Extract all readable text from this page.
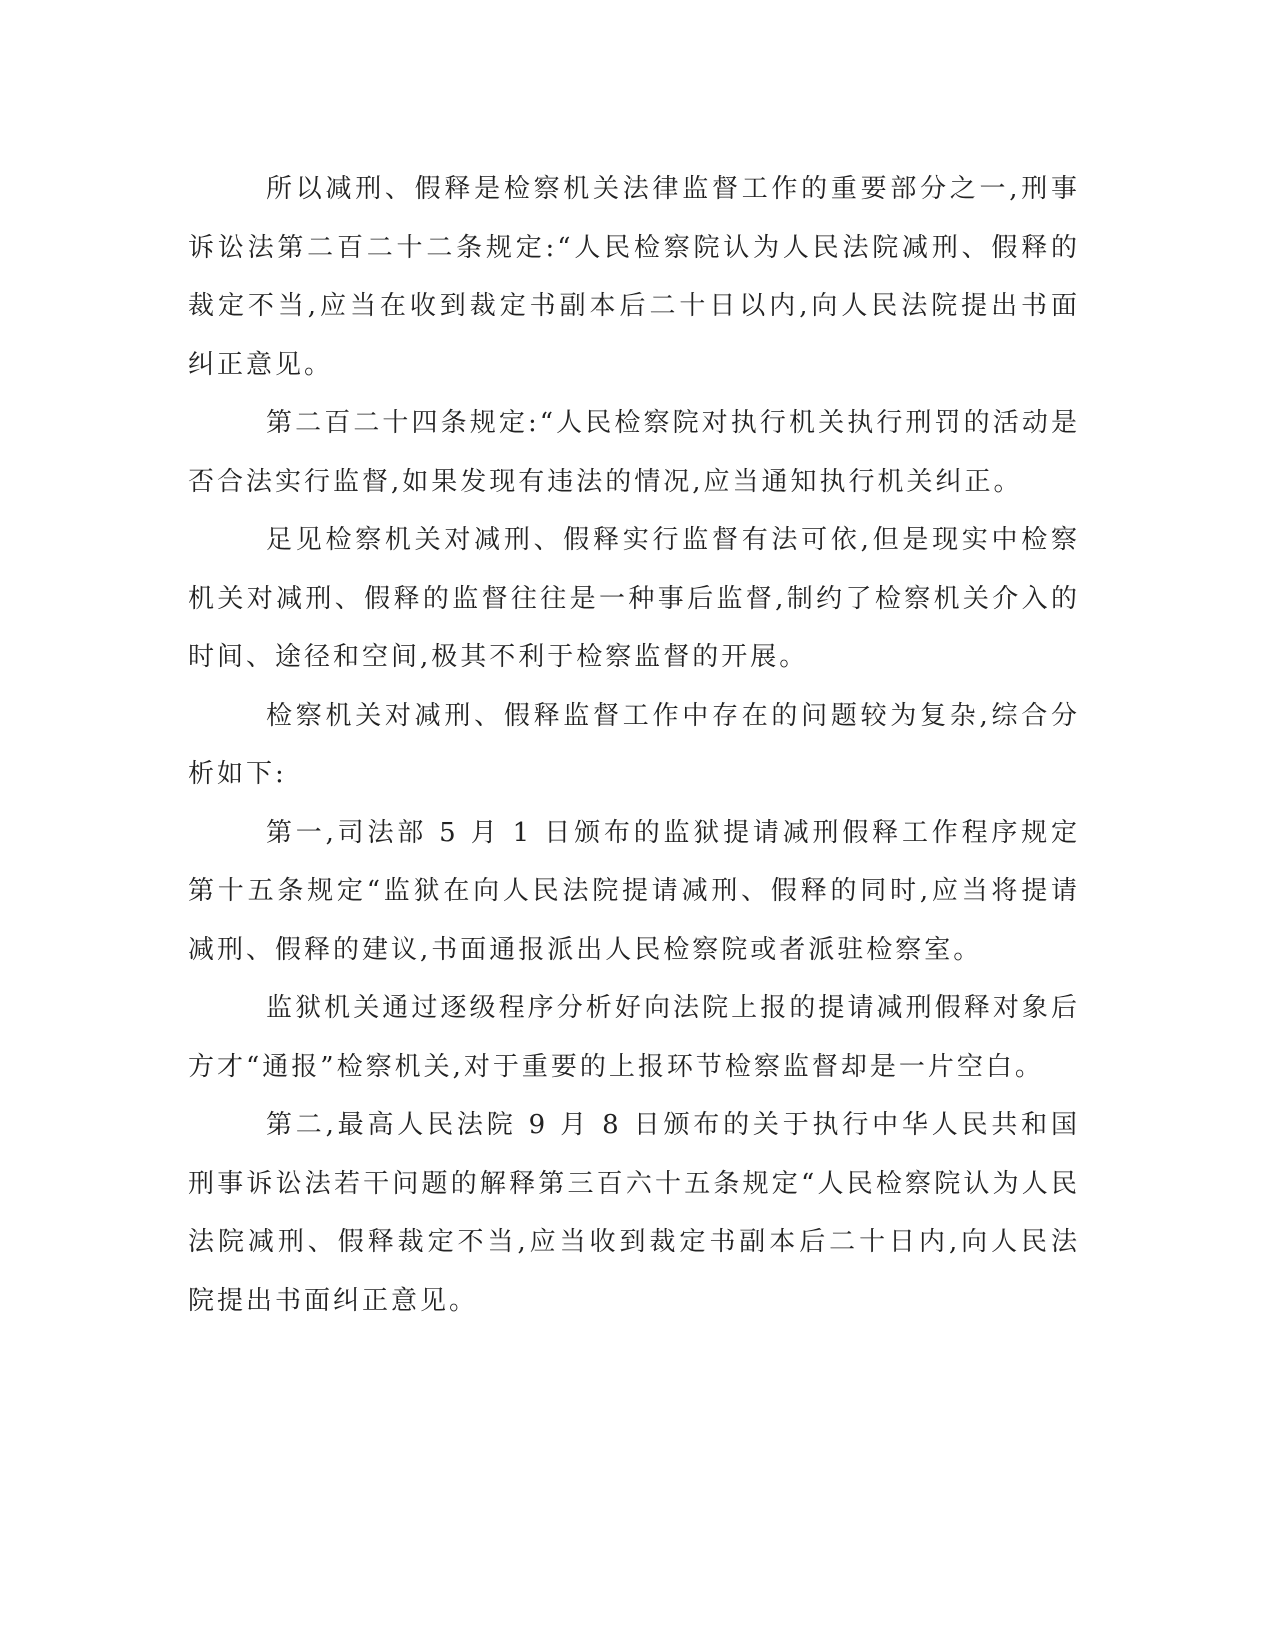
所以减刑、假释是检察机关法律监督工作的重要部分之一,刑事诉讼法第二百二十二条规定:“人民检察院认为人民法院减刑、假释的裁定不当,应当在收到裁定书副本后二十日以内,向人民法院提出书面纠正意见。

第二百二十四条规定:“人民检察院对执行机关执行刑罚的活动是否合法实行监督,如果发现有违法的情况,应当通知执行机关纠正。

足见检察机关对减刑、假释实行监督有法可依,但是现实中检察机关对减刑、假释的监督往往是一种事后监督,制约了检察机关介入的时间、途径和空间,极其不利于检察监督的开展。

检察机关对减刑、假释监督工作中存在的问题较为复杂,综合分析如下:

第一,司法部 5 月 1 日颁布的监狱提请减刑假释工作程序规定第十五条规定“监狱在向人民法院提请减刑、假释的同时,应当将提请减刑、假释的建议,书面通报派出人民检察院或者派驻检察室。

监狱机关通过逐级程序分析好向法院上报的提请减刑假释对象后方才“通报”检察机关,对于重要的上报环节检察监督却是一片空白。

第二,最高人民法院 9 月 8 日颁布的关于执行中华人民共和国刑事诉讼法若干问题的解释第三百六十五条规定“人民检察院认为人民法院减刑、假释裁定不当,应当收到裁定书副本后二十日内,向人民法院提出书面纠正意见。
